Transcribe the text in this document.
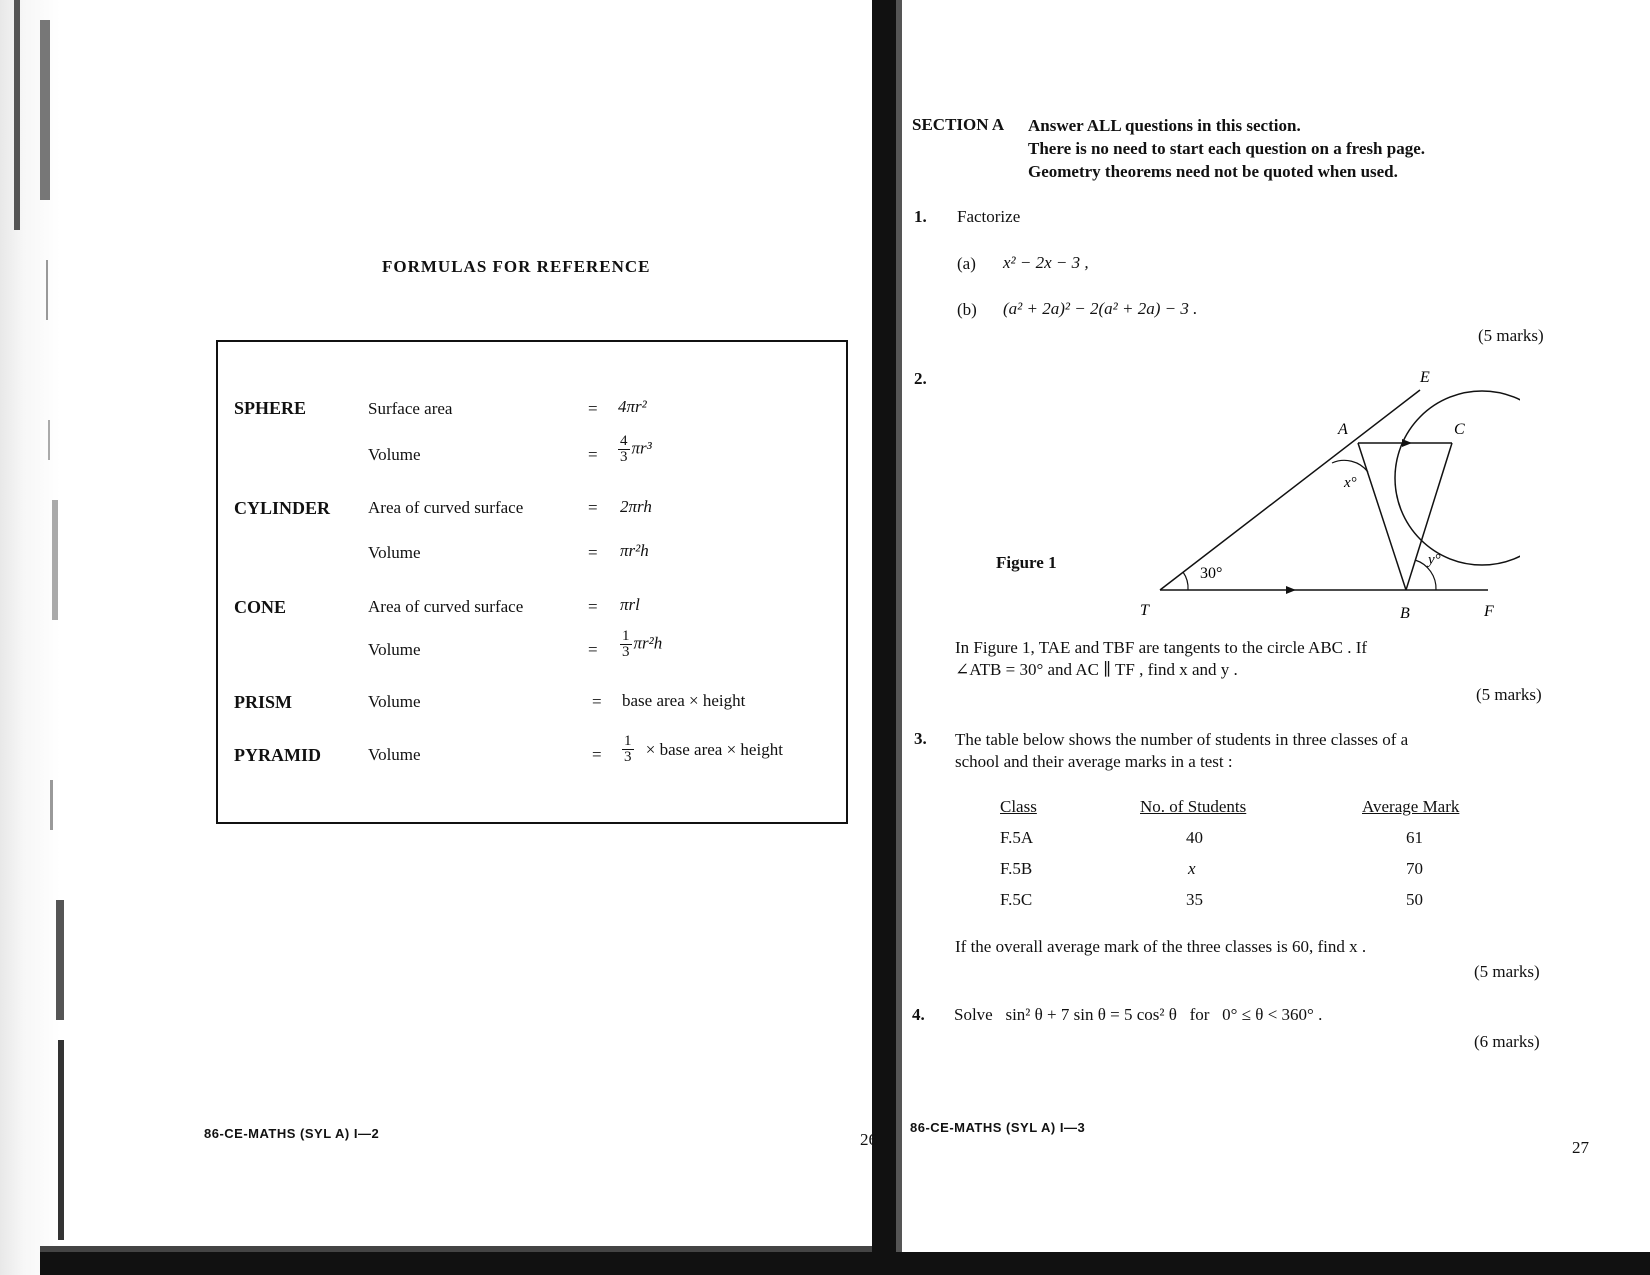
FORMULAS FOR REFERENCE
SPHERE	Surface area	= 4πr²
Volume	= $\frac{4}{3} \pi r^3$
CYLINDER Area of curved surface	= 2πrh
Volume	= πr²h
CONE	Area of curved surface	= πrl
Volume	= $\frac{1}{3} \pi r^2h$
PRISM	Volume	= base area × height
PYRAMID	Volume	= $\frac{1}{3}$ × base area × height
86-CE-MATHS (SYL A) I—2	26
SECTION A Answer ALL questions in this section.
There is no need to start each question on a fresh page.
Geometry theorems need not be quoted when used.
1. Factorize
(a) x² − 2x − 3 ,
(b) (a² + 2a)² − 2(a² + 2a) − 3 .
(5 marks)
2.
Figure 1
30°
x°
y°
E
A	C
T	B	F
In Figure 1, TAE and TBF are tangents to the circle ABC . If
∠ATB = 30° and AC ∥ TF , find x and y .
(5 marks)
3. The table below shows the number of students in three classes of a
school and their average marks in a test :
Class	No. of Students	Average Mark
F.5A	40	61
F.5B	x	70
F.5C	35	50
If the overall average mark of the three classes is 60, find x .
(5 marks)
4. Solve   sin² θ + 7 sin θ = 5 cos² θ   for   0° ≤ θ < 360° .
(6 marks)
86-CE-MATHS (SYL A) I—3
27
